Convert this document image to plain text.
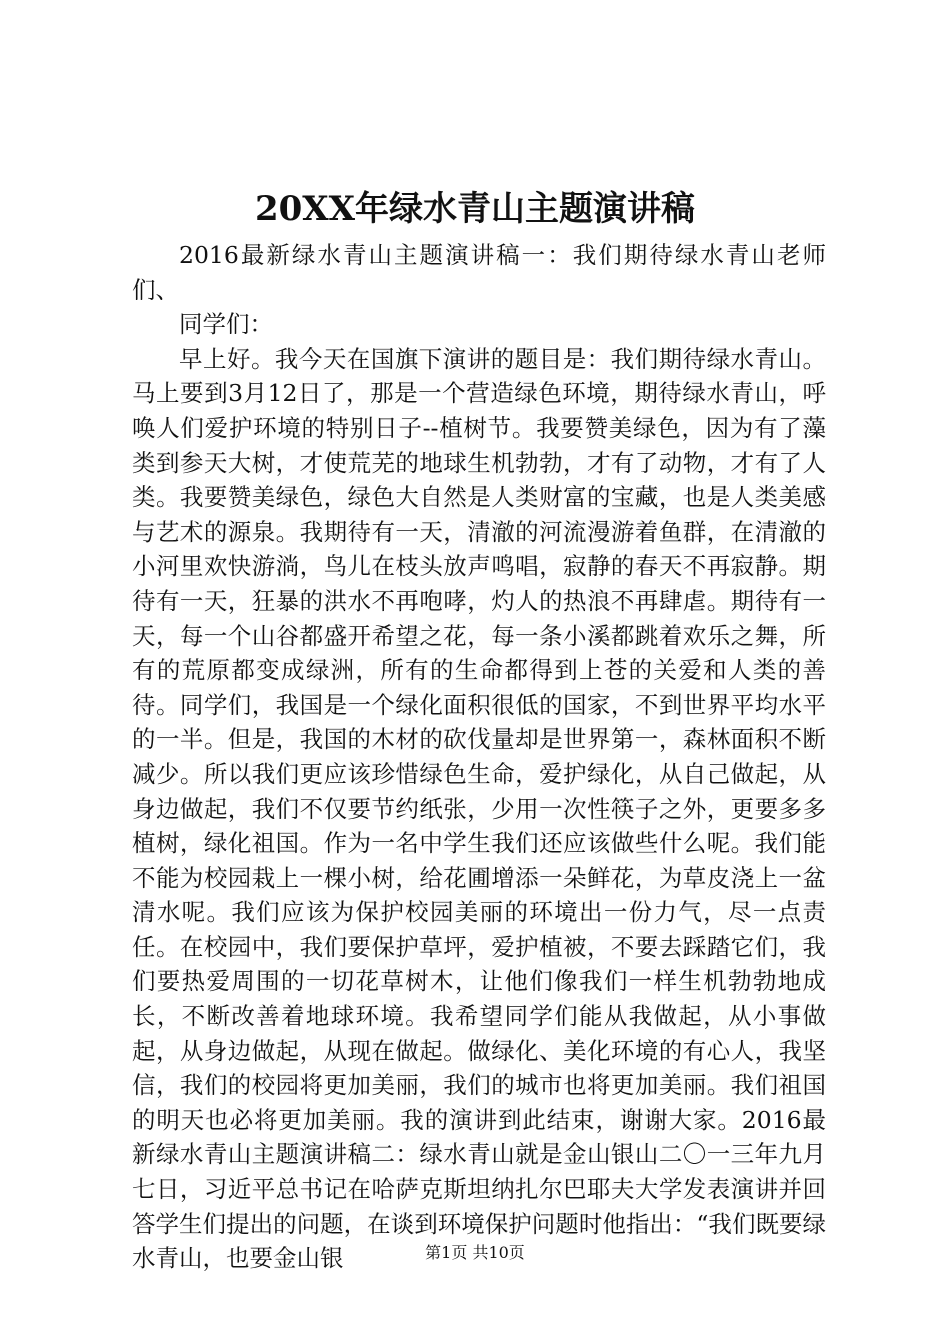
20XX年绿水青山主题演讲稿

2016最新绿水青山主题演讲稿一：我们期待绿水青山老师们、

同学们：

早上好。我今天在国旗下演讲的题目是：我们期待绿水青山。马上要到3月12日了，那是一个营造绿色环境，期待绿水青山，呼唤人们爱护环境的特别日子--植树节。我要赞美绿色，因为有了藻类到参天大树，才使荒芜的地球生机勃勃，才有了动物，才有了人类。我要赞美绿色，绿色大自然是人类财富的宝藏，也是人类美感与艺术的源泉。我期待有一天，清澈的河流漫游着鱼群，在清澈的小河里欢快游淌，鸟儿在枝头放声鸣唱，寂静的春天不再寂静。期待有一天，狂暴的洪水不再咆哮，灼人的热浪不再肆虐。期待有一天，每一个山谷都盛开希望之花，每一条小溪都跳着欢乐之舞，所有的荒原都变成绿洲，所有的生命都得到上苍的关爱和人类的善待。同学们，我国是一个绿化面积很低的国家，不到世界平均水平的一半。但是，我国的木材的砍伐量却是世界第一，森林面积不断减少。所以我们更应该珍惜绿色生命，爱护绿化，从自己做起，从身边做起，我们不仅要节约纸张，少用一次性筷子之外，更要多多植树，绿化祖国。作为一名中学生我们还应该做些什么呢。我们能不能为校园栽上一棵小树，给花圃增添一朵鲜花，为草皮浇上一盆清水呢。我们应该为保护校园美丽的环境出一份力气，尽一点责任。在校园中，我们要保护草坪，爱护植被，不要去踩踏它们，我们要热爱周围的一切花草树木，让他们像我们一样生机勃勃地成长，不断改善着地球环境。我希望同学们能从我做起，从小事做起，从身边做起，从现在做起。做绿化、美化环境的有心人，我坚信，我们的校园将更加美丽，我们的城市也将更加美丽。我们祖国的明天也必将更加美丽。我的演讲到此结束，谢谢大家。2016最新绿水青山主题演讲稿二：绿水青山就是金山银山二〇一三年九月七日，习近平总书记在哈萨克斯坦纳扎尔巴耶夫大学发表演讲并回答学生们提出的问题，在谈到环境保护问题时他指出：“我们既要绿水青山，也要金山银	第1页 共10页
